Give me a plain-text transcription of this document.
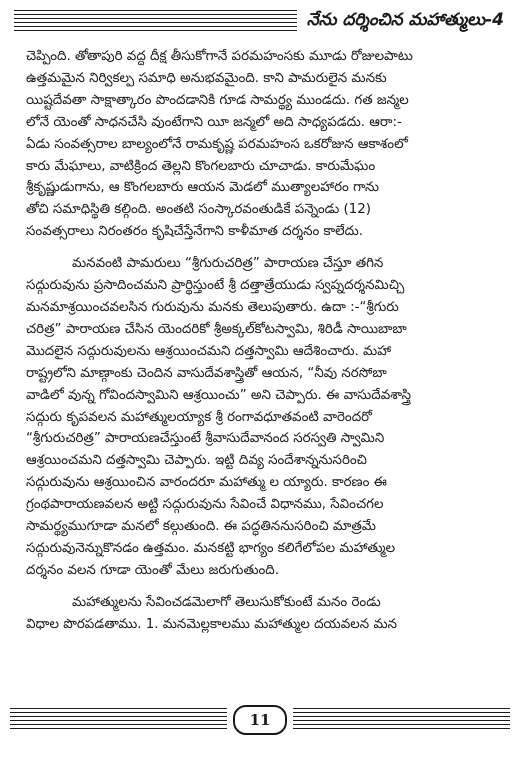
నేను దర్శించిన మహాత్ములు-4

చెప్పింది. తోతాపురి వద్ద దీక్ష తీసుకోగానే పరమహంసకు మూడు రోజులపాటు
ఉత్తమమైన నిర్వికల్ప సమాధి అనుభవమైంది. కాని పామరులైన మనకు
యిష్టదేవతా సాక్షాత్కారం పొందడానికి గూడ సామర్థ్య ముండదు. గత జన్మల
లోనే యెంతో సాధనచేసి వుంటేగాని యీ జన్మలో అది సాధ్యపడదు. ఆరా:-
ఏడు సంవత్సరాల బాల్యంలోనే రామకృష్ణ పరమహంస ఒకరోజున ఆకాశంలో
కారు మేఘాలు, వాటిక్రింద తెల్లని కొంగలబారు చూచాడు. కారుమేఘం
శ్రీకృష్ణుడుగాను, ఆ కొంగలబారు ఆయన మెడలో ముత్యాలహారం గాను
తోచి సమాధిస్థితి కల్గింది. అంతటి సంస్కారవంతుడికే పన్నెండు (12)
సంవత్సరాలు నిరంతరం కృషిచేస్తేనేగాని కాళీమాత దర్శనం కాలేదు.

మనవంటి పామరులు “శ్రీగురుచరిత్ర” పారాయణ చేస్తూ తగిన
సద్గురువును ప్రసాదించమని ప్రార్థిస్తుంటే శ్రీ దత్తాత్రేయుడు స్వప్నదర్శనమిచ్చి
మనమాశ్రయించవలసిన గురువును మనకు తెలుపుతారు. ఉదా :-“శ్రీగురు
చరిత్ర” పారాయణ చేసిన యెందరికో శ్రీఅక్కల్‌కోటస్వామి, శిరిడీ సాయిబాబా
మొదలైన సద్గురువులను ఆశ్రయించమని దత్తస్వామి ఆదేశించారు. మహా
రాష్ట్రలోని మాణ్గాంకు చెందిన వాసుదేవశాస్త్రితో ఆయన, “నీవు నరసోబా
వాడిలో వున్న గోవిందస్వామిని ఆశ్రయించు” అని చెప్పారు. ఈ వాసుదేవశాస్త్రి
సద్గురు కృపవలన మహాత్ములయ్యాక శ్రీ రంగావధూతవంటి వారెందరో
“శ్రీగురుచరిత్ర” పారాయణచేస్తుంటే శ్రీవాసుదేవానంద సరస్వతి స్వామిని
ఆశ్రయించమని దత్తస్వామి చెప్పారు. ఇట్టి దివ్య సందేశాన్ననుసరించి
సద్గురువును ఆశ్రయించిన వారందరూ మహాత్ము ల య్యారు. కారణం ఈ
గ్రంథపారాయణవలన అట్టి సద్గురువును సేవించే విధానము, సేవించగల
సామర్థ్యముగూడా మనలో కల్గుతుంది. ఈ పద్ధతిననుసరించి మాత్రమే
సద్గురువునెన్నుకొనడం ఉత్తమం. మనకట్టి భాగ్యం కలిగేలోపల మహాత్ముల
దర్శనం వలన గూడా యెంతో మేలు జరుగుతుంది.

మహాత్ములను సేవించడమెలాగో తెలుసుకోకుంటే మనం రెండు
విధాల పొరపడతాము. 1. మనమెల్లకాలము మహాత్ముల దయవలన మన

11
